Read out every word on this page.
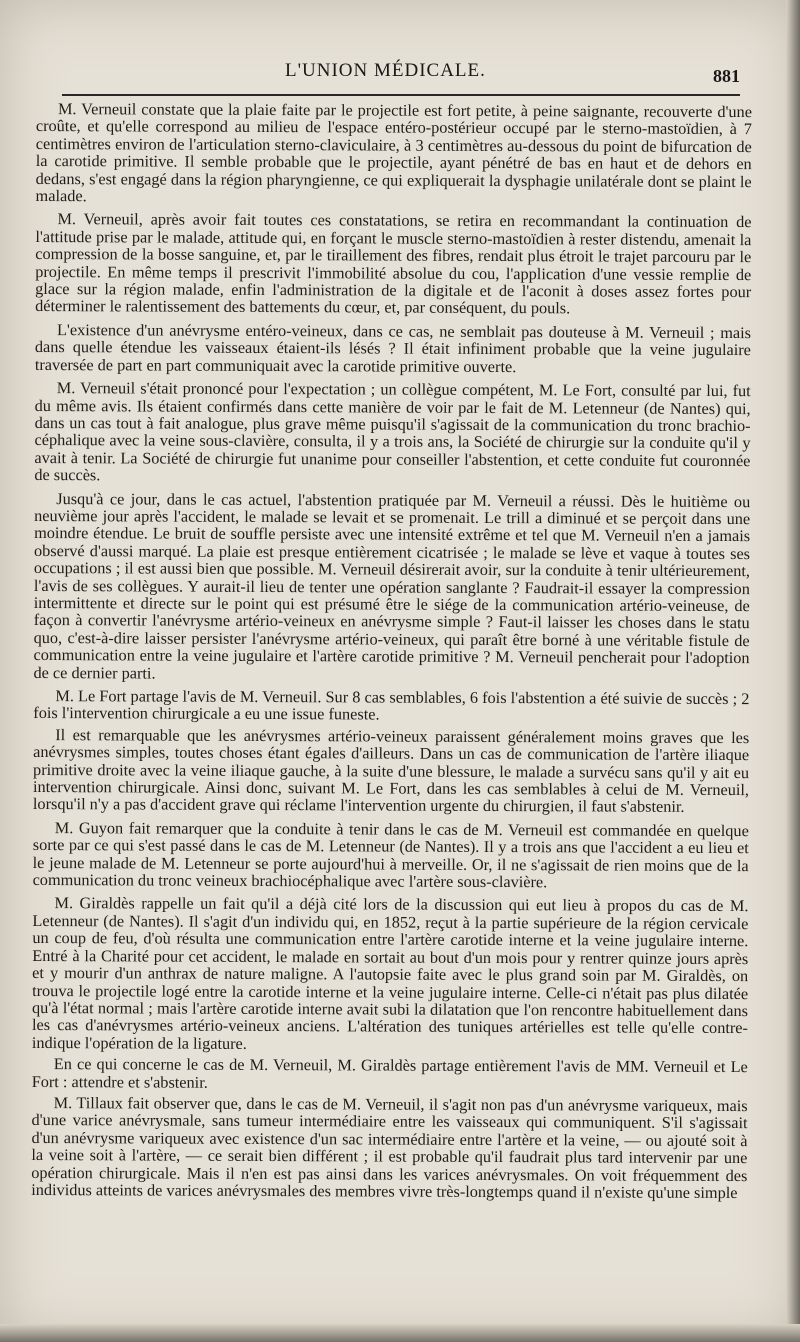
L'UNION MÉDICALE.	881

M. Verneuil constate que la plaie faite par le projectile est fort petite, à peine saignante, recouverte d'une croûte, et qu'elle correspond au milieu de l'espace entéro-postérieur occupé par le sterno-mastoïdien, à 7 centimètres environ de l'articulation sterno-claviculaire, à 3 centimètres au-dessous du point de bifurcation de la carotide primitive. Il semble probable que le projectile, ayant pénétré de bas en haut et de dehors en dedans, s'est engagé dans la région pharyngienne, ce qui expliquerait la dysphagie unilatérale dont se plaint le malade.

M. Verneuil, après avoir fait toutes ces constatations, se retira en recommandant la continuation de l'attitude prise par le malade, attitude qui, en forçant le muscle sterno-mastoïdien à rester distendu, amenait la compression de la bosse sanguine, et, par le tiraillement des fibres, rendait plus étroit le trajet parcouru par le projectile. En même temps il prescrivit l'immobilité absolue du cou, l'application d'une vessie remplie de glace sur la région malade, enfin l'administration de la digitale et de l'aconit à doses assez fortes pour déterminer le ralentissement des battements du cœur, et, par conséquent, du pouls.

L'existence d'un anévrysme entéro-veineux, dans ce cas, ne semblait pas douteuse à M. Verneuil ; mais dans quelle étendue les vaisseaux étaient-ils lésés ? Il était infiniment probable que la veine jugulaire traversée de part en part communiquait avec la carotide primitive ouverte.

M. Verneuil s'était prononcé pour l'expectation ; un collègue compétent, M. Le Fort, consulté par lui, fut du même avis. Ils étaient confirmés dans cette manière de voir par le fait de M. Letenneur (de Nantes) qui, dans un cas tout à fait analogue, plus grave même puisqu'il s'agissait de la communication du tronc brachio-céphalique avec la veine sous-clavière, consulta, il y a trois ans, la Société de chirurgie sur la conduite qu'il y avait à tenir. La Société de chirurgie fut unanime pour conseiller l'abstention, et cette conduite fut couronnée de succès.

Jusqu'à ce jour, dans le cas actuel, l'abstention pratiquée par M. Verneuil a réussi. Dès le huitième ou neuvième jour après l'accident, le malade se levait et se promenait. Le trill a diminué et se perçoit dans une moindre étendue. Le bruit de souffle persiste avec une intensité extrême et tel que M. Verneuil n'en a jamais observé d'aussi marqué. La plaie est presque entièrement cicatrisée ; le malade se lève et vaque à toutes ses occupations ; il est aussi bien que possible. M. Verneuil désirerait avoir, sur la conduite à tenir ultérieurement, l'avis de ses collègues. Y aurait-il lieu de tenter une opération sanglante ? Faudrait-il essayer la compression intermittente et directe sur le point qui est présumé être le siége de la communication artério-veineuse, de façon à convertir l'anévrysme artério-veineux en anévrysme simple ? Faut-il laisser les choses dans le statu quo, c'est-à-dire laisser persister l'anévrysme artério-veineux, qui paraît être borné à une véritable fistule de communication entre la veine jugulaire et l'artère carotide primitive ? M. Verneuil pencherait pour l'adoption de ce dernier parti.

M. Le Fort partage l'avis de M. Verneuil. Sur 8 cas semblables, 6 fois l'abstention a été suivie de succès ; 2 fois l'intervention chirurgicale a eu une issue funeste.

Il est remarquable que les anévrysmes artério-veineux paraissent généralement moins graves que les anévrysmes simples, toutes choses étant égales d'ailleurs. Dans un cas de communication de l'artère iliaque primitive droite avec la veine iliaque gauche, à la suite d'une blessure, le malade a survécu sans qu'il y ait eu intervention chirurgicale. Ainsi donc, suivant M. Le Fort, dans les cas semblables à celui de M. Verneuil, lorsqu'il n'y a pas d'accident grave qui réclame l'intervention urgente du chirurgien, il faut s'abstenir.

M. Guyon fait remarquer que la conduite à tenir dans le cas de M. Verneuil est commandée en quelque sorte par ce qui s'est passé dans le cas de M. Letenneur (de Nantes). Il y a trois ans que l'accident a eu lieu et le jeune malade de M. Letenneur se porte aujourd'hui à merveille. Or, il ne s'agissait de rien moins que de la communication du tronc veineux brachiocéphalique avec l'artère sous-clavière.

M. Giraldès rappelle un fait qu'il a déjà cité lors de la discussion qui eut lieu à propos du cas de M. Letenneur (de Nantes). Il s'agit d'un individu qui, en 1852, reçut à la partie supérieure de la région cervicale un coup de feu, d'où résulta une communication entre l'artère carotide interne et la veine jugulaire interne. Entré à la Charité pour cet accident, le malade en sortait au bout d'un mois pour y rentrer quinze jours après et y mourir d'un anthrax de nature maligne. A l'autopsie faite avec le plus grand soin par M. Giraldès, on trouva le projectile logé entre la carotide interne et la veine jugulaire interne. Celle-ci n'était pas plus dilatée qu'à l'état normal ; mais l'artère carotide interne avait subi la dilatation que l'on rencontre habituellement dans les cas d'anévrysmes artério-veineux anciens. L'altération des tuniques artérielles est telle qu'elle contre-indique l'opération de la ligature.

En ce qui concerne le cas de M. Verneuil, M. Giraldès partage entièrement l'avis de MM. Verneuil et Le Fort : attendre et s'abstenir.

M. Tillaux fait observer que, dans le cas de M. Verneuil, il s'agit non pas d'un anévrysme variqueux, mais d'une varice anévrysmale, sans tumeur intermédiaire entre les vaisseaux qui communiquent. S'il s'agissait d'un anévrysme variqueux avec existence d'un sac intermédiaire entre l'artère et la veine, — ou ajouté soit à la veine soit à l'artère, — ce serait bien différent ; il est probable qu'il faudrait plus tard intervenir par une opération chirurgicale. Mais il n'en est pas ainsi dans les varices anévrysmales. On voit fréquemment des individus atteints de varices anévrysmales des membres vivre très-longtemps quand il n'existe qu'une simple
